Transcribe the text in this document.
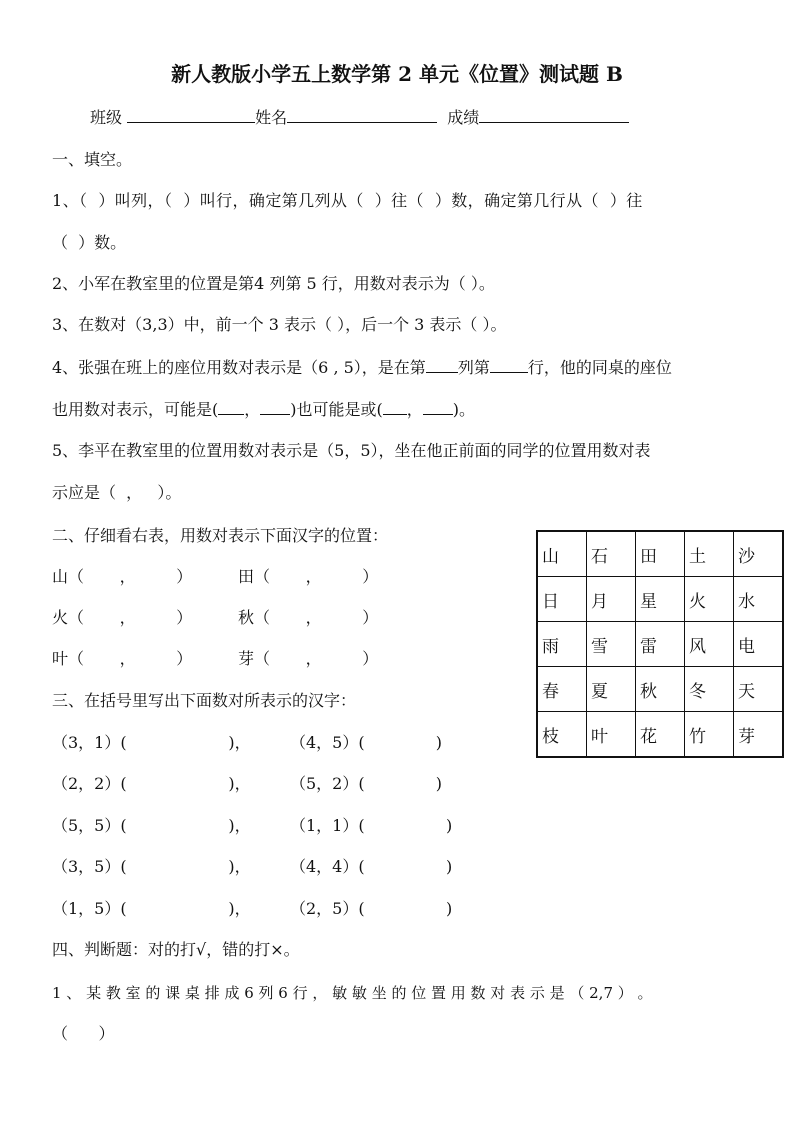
新人教版小学五上数学第 2 单元《位置》测试题 B
班级	姓名	成绩
一、填空。
1、（  ）叫列，（  ）叫行，确定第几列从（  ）往（  ）数，确定第几行从（  ）往
（  ）数。
2、小军在教室里的位置是第4 列第 5 行，用数对表示为（ ）。
3、在数对（3,3）中，前一个 3 表示（ ），后一个 3 表示（ ）。
4、张强在班上的座位用数对表示是（6 , 5），是在第 列第 行，他的同桌的座位
也用数对表示，可能是( ， )也可能是或( ， )。
5、李平在教室里的位置用数对表示是（5，5），坐在他正前面的同学的位置用数对表
示应是（  ，   ）。
二、仔细看右表，用数对表示下面汉字的位置：
山（       ，        ）	田（       ，        ）
火（       ，        ）	秋（       ，        ）
叶（       ，        ）	芽（       ，        ）
山	石	田	土	沙
日	月	星	火	水
雨	雪	雷	风	电
春	夏	秋	冬	天
枝	叶	花	竹	芽
三、在括号里写出下面数对所表示的汉字：
（3，1）(                    )， （4，5）(              )
（2，2）(                    )， （5，2）(              )
（5，5）(                    )， （1，1）(                )
（3，5）(                    )， （4，4）(                )
（1，5）(                    )， （2，5）(                )
四、判断题：对的打√，错的打×。
1 、 某 教 室 的 课 桌 排 成 6 列 6 行 ， 敏 敏 坐 的 位 置 用 数 对 表 示 是 （ 2,7 ） 。
（      ）
